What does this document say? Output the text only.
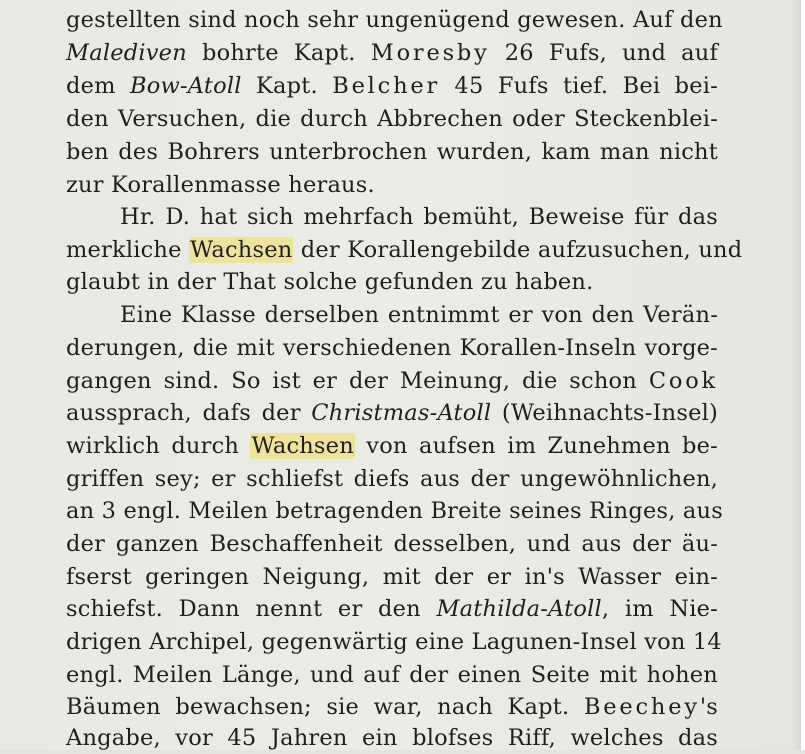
gestellten sind noch sehr ungenügend gewesen. Auf den
Malediven bohrte Kapt. Moresby 26 Fufs, und auf
dem Bow-Atoll Kapt. Belcher 45 Fufs tief. Bei bei-
den Versuchen, die durch Abbrechen oder Steckenblei-
ben des Bohrers unterbrochen wurden, kam man nicht
zur Korallenmasse heraus.
Hr. D. hat sich mehrfach bemüht, Beweise für das
merkliche Wachsen der Korallengebilde aufzusuchen, und
glaubt in der That solche gefunden zu haben.
Eine Klasse derselben entnimmt er von den Verän-
derungen, die mit verschiedenen Korallen-Inseln vorge-
gangen sind. So ist er der Meinung, die schon Cook
aussprach, dafs der Christmas-Atoll (Weihnachts-Insel)
wirklich durch Wachsen von aufsen im Zunehmen be-
griffen sey; er schliefst diefs aus der ungewöhnlichen,
an 3 engl. Meilen betragenden Breite seines Ringes, aus
der ganzen Beschaffenheit desselben, und aus der äu-
fserst geringen Neigung, mit der er in's Wasser ein-
schiefst. Dann nennt er den Mathilda-Atoll, im Nie-
drigen Archipel, gegenwärtig eine Lagunen-Insel von 14
engl. Meilen Länge, und auf der einen Seite mit hohen
Bäumen bewachsen; sie war, nach Kapt. Beechey's
Angabe, vor 45 Jahren ein blofses Riff, welches das
